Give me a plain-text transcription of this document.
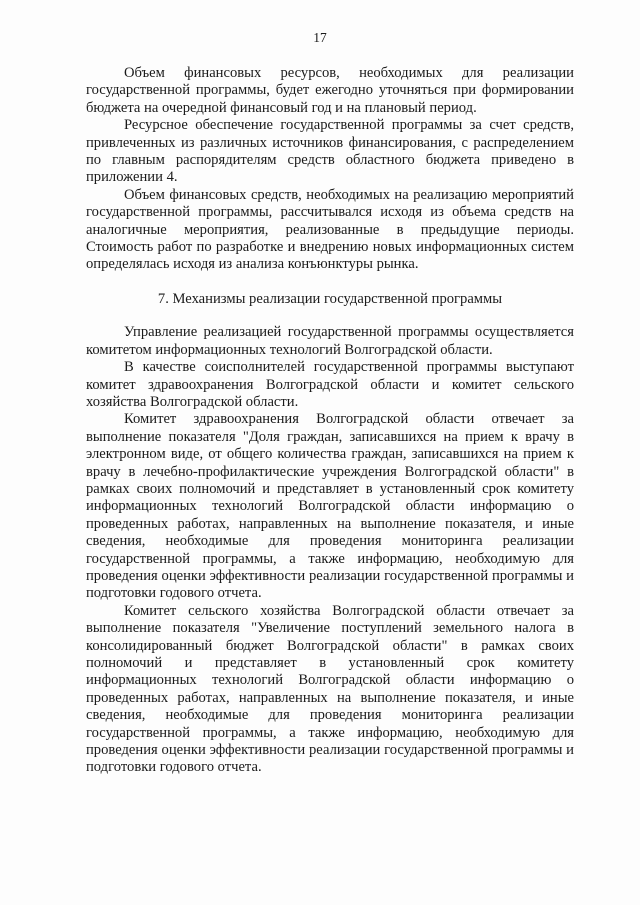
17

Объем финансовых ресурсов, необходимых для реализации государственной программы, будет ежегодно уточняться при формировании бюджета на очередной финансовый год и на плановый период.

Ресурсное обеспечение государственной программы за счет средств, привлеченных из различных источников финансирования, с распределением по главным распорядителям средств областного бюджета приведено в приложении 4.

Объем финансовых средств, необходимых на реализацию мероприятий государственной программы, рассчитывался исходя из объема средств на аналогичные мероприятия, реализованные в предыдущие периоды. Стоимость работ по разработке и внедрению новых информационных систем определялась исходя из анализа конъюнктуры рынка.

7. Механизмы реализации государственной программы

Управление реализацией государственной программы осуществляется комитетом информационных технологий Волгоградской области.

В качестве соисполнителей государственной программы выступают комитет здравоохранения Волгоградской области и комитет сельского хозяйства Волгоградской области.

Комитет здравоохранения Волгоградской области отвечает за выполнение показателя "Доля граждан, записавшихся на прием к врачу в электронном виде, от общего количества граждан, записавшихся на прием к врачу в лечебно-профилактические учреждения Волгоградской области" в рамках своих полномочий и представляет в установленный срок комитету информационных технологий Волгоградской области информацию о проведенных работах, направленных на выполнение показателя, и иные сведения, необходимые для проведения мониторинга реализации государственной программы, а также информацию, необходимую для проведения оценки эффективности реализации государственной программы и подготовки годового отчета.

Комитет сельского хозяйства Волгоградской области отвечает за выполнение показателя "Увеличение поступлений земельного налога в консолидированный бюджет Волгоградской области" в рамках своих полномочий и представляет в установленный срок комитету информационных технологий Волгоградской области информацию о проведенных работах, направленных на выполнение показателя, и иные сведения, необходимые для проведения мониторинга реализации государственной программы, а также информацию, необходимую для проведения оценки эффективности реализации государственной программы и подготовки годового отчета.
